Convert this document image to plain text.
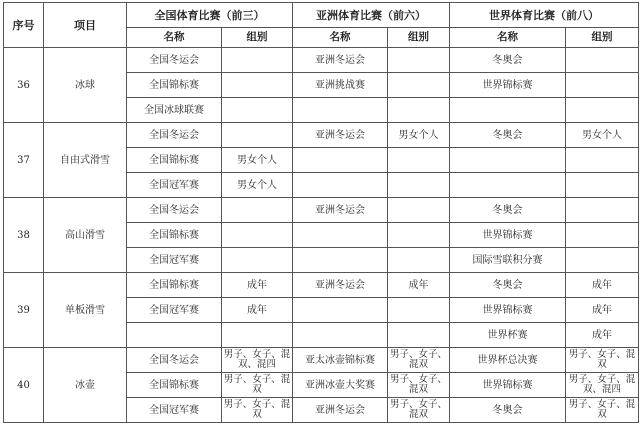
序号	项目	全国体育比赛（前三）		亚洲体育比赛（前六）		世界体育比赛（前八）	
		名称	组别	名称	组别	名称	组别
36	冰球	全国冬运会		亚洲冬运会		冬奥会	
		全国锦标赛		亚洲挑战赛		世界锦标赛	
		全国冰球联赛					
37	自由式滑雪	全国冬运会		亚洲冬运会	男女个人	冬奥会	男女个人
		全国锦标赛	男女个人				
		全国冠军赛	男女个人				
38	高山滑雪	全国冬运会		亚洲冬运会		冬奥会	
		全国锦标赛				世界锦标赛	
		全国冠军赛				国际雪联积分赛	
39	单板滑雪	全国锦标赛	成年	亚洲冬运会	成年	冬奥会	成年
		全国冠军赛	成年			世界锦标赛	成年
						世界杯赛	成年
40	冰壶	全国冬运会	男子、女子、混双、混四	亚太冰壶锦标赛	男子、女子、混双	世界杯总决赛	男子、女子、混双
		全国锦标赛	男子、女子、混双	亚洲冰壶大奖赛	男子、女子、混双	世界锦标赛	男子、女子、混双、混四
		全国冠军赛	男子、女子、混双	亚洲冬运会	男子、女子、混双	冬奥会	男子、女子、混双
